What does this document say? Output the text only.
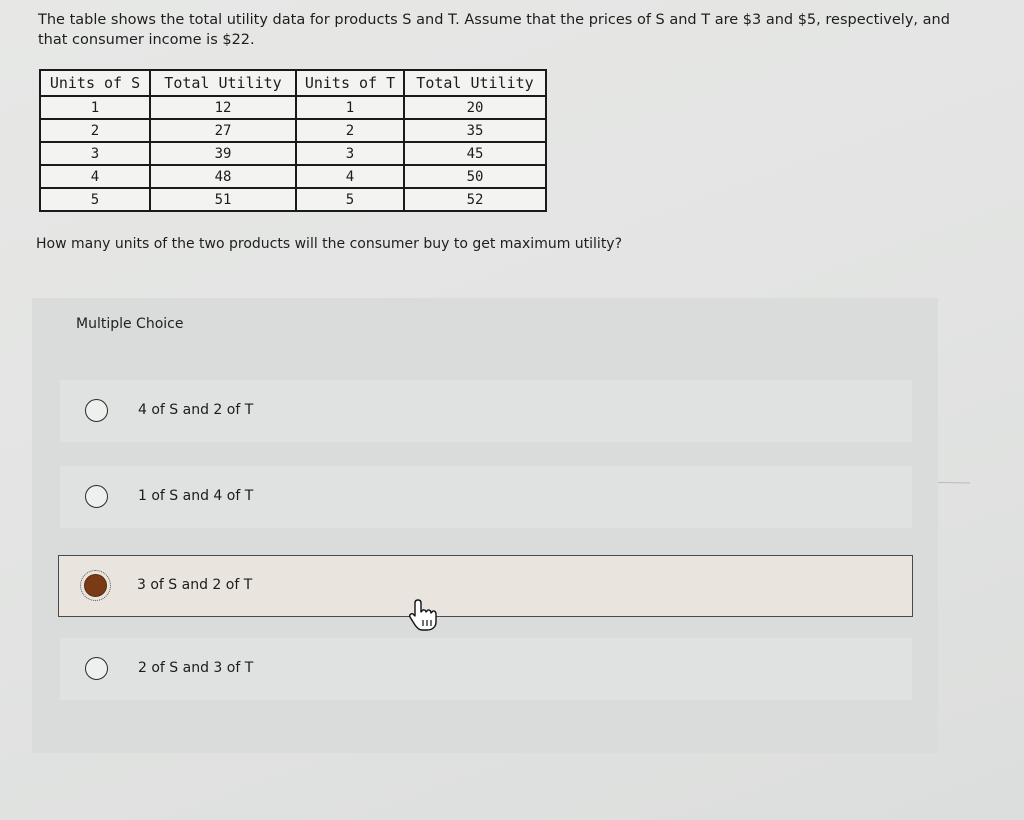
The table shows the total utility data for products S and T. Assume that the prices of S and T are $3 and $5, respectively, and that consumer income is $22.
Units of S	Total Utility	Units of T	Total Utility
1	12	1	20
2	27	2	35
3	39	3	45
4	48	4	50
5	51	5	52
How many units of the two products will the consumer buy to get maximum utility?
Multiple Choice
4 of S and 2 of T
1 of S and 4 of T
3 of S and 2 of T
2 of S and 3 of T
